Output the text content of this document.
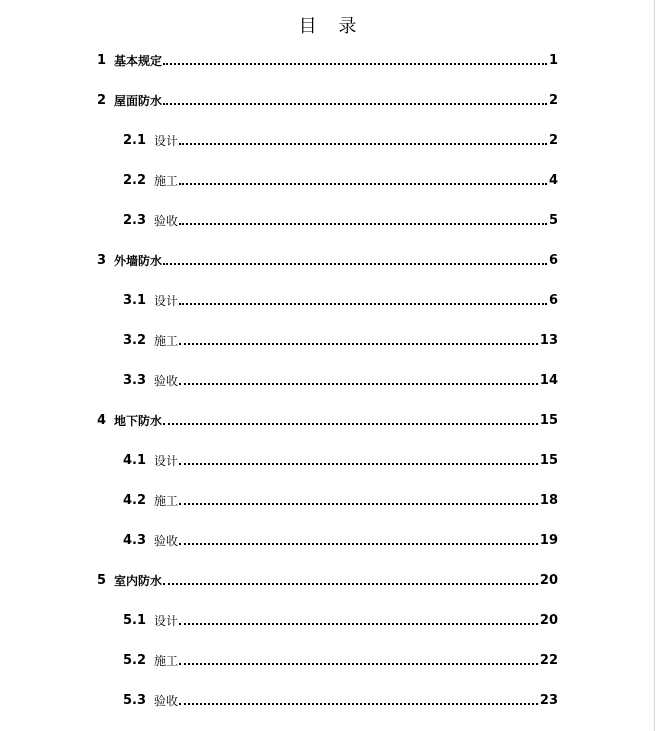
目 录
1 基本规定	1
2 屋面防水	2
2.1 设计	2
2.2 施工	4
2.3 验收	5
3 外墙防水	6
3.1 设计	6
3.2 施工	13
3.3 验收	14
4 地下防水	15
4.1 设计	15
4.2 施工	18
4.3 验收	19
5 室内防水	20
5.1 设计	20
5.2 施工	22
5.3 验收	23
